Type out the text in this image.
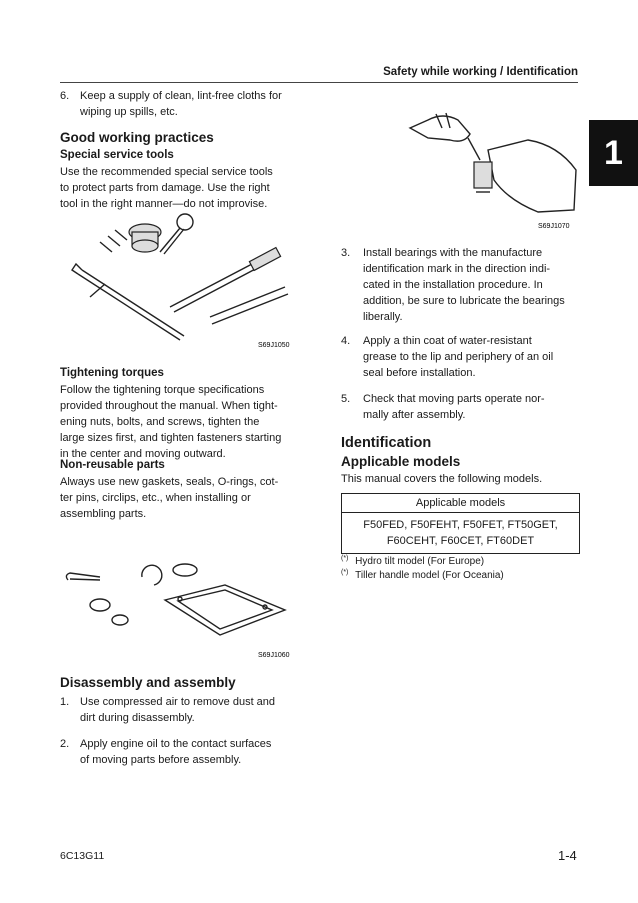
Safety while working / Identification
1
6. Keep a supply of clean, lint-free cloths for
wiping up spills, etc.
Good working practices
Special service tools
Use the recommended special service tools
to protect parts from damage. Use the right
tool in the right manner—do not improvise.
S69J1050
Tightening torques
Follow the tightening torque specifications
provided throughout the manual. When tight-
ening nuts, bolts, and screws, tighten the
large sizes first, and tighten fasteners starting
in the center and moving outward.
Non-reusable parts
Always use new gaskets, seals, O-rings, cot-
ter pins, circlips, etc., when installing or
assembling parts.
S69J1060
Disassembly and assembly
1. Use compressed air to remove dust and
dirt during disassembly.
2. Apply engine oil to the contact surfaces
of moving parts before assembly.
S69J1070
3. Install bearings with the manufacture
identification mark in the direction indi-
cated in the installation procedure. In
addition, be sure to lubricate the bearings
liberally.
4. Apply a thin coat of water-resistant
grease to the lip and periphery of an oil
seal before installation.
5. Check that moving parts operate nor-
mally after assembly.
Identification
Applicable models
This manual covers the following models.
Applicable models
F50FED, F50FEHT, F50FET, FT50GET,
F60CEHT, F60CET, FT60DET
(*) Hydro tilt model (For Europe)
(*) Tiller handle model (For Oceania)
6C13G11	1-4
